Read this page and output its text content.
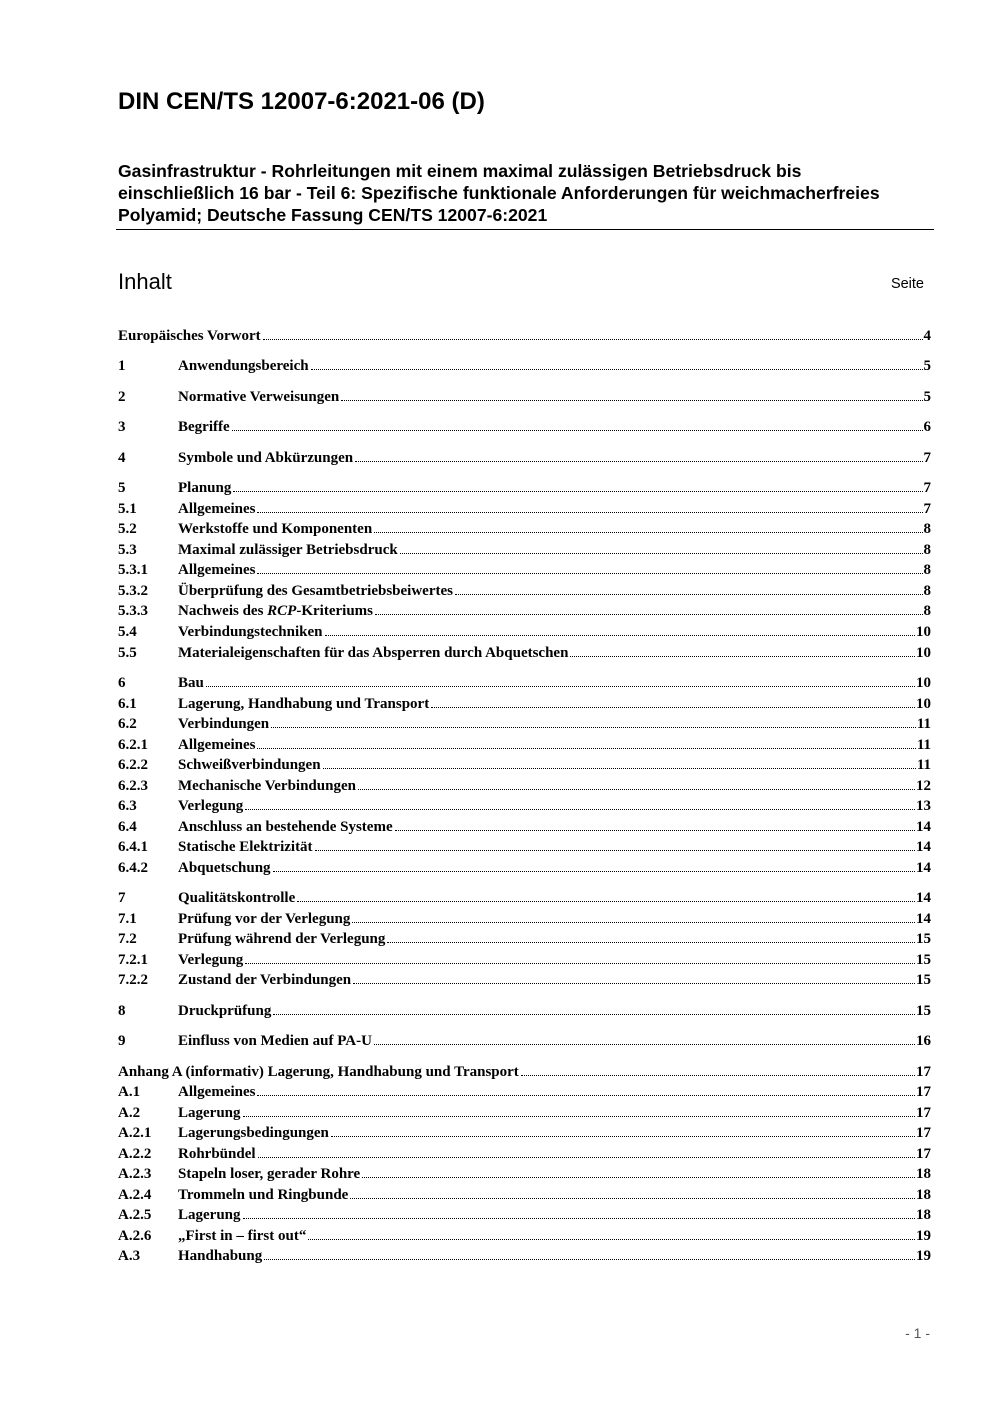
DIN CEN/TS 12007-6:2021-06 (D)
Gasinfrastruktur - Rohrleitungen mit einem maximal zulässigen Betriebsdruck bis einschließlich 16 bar - Teil 6: Spezifische funktionale Anforderungen für weichmacherfreies Polyamid; Deutsche Fassung CEN/TS 12007-6:2021
Inhalt	Seite
Europäisches Vorwort	4
1	Anwendungsbereich	5
2	Normative Verweisungen	5
3	Begriffe	6
4	Symbole und Abkürzungen	7
5	Planung	7
5.1	Allgemeines	7
5.2	Werkstoffe und Komponenten	8
5.3	Maximal zulässiger Betriebsdruck	8
5.3.1	Allgemeines	8
5.3.2	Überprüfung des Gesamtbetriebsbeiwertes	8
5.3.3	Nachweis des RCP-Kriteriums	8
5.4	Verbindungstechniken	10
5.5	Materialeigenschaften für das Absperren durch Abquetschen	10
6	Bau	10
6.1	Lagerung, Handhabung und Transport	10
6.2	Verbindungen	11
6.2.1	Allgemeines	11
6.2.2	Schweißverbindungen	11
6.2.3	Mechanische Verbindungen	12
6.3	Verlegung	13
6.4	Anschluss an bestehende Systeme	14
6.4.1	Statische Elektrizität	14
6.4.2	Abquetschung	14
7	Qualitätskontrolle	14
7.1	Prüfung vor der Verlegung	14
7.2	Prüfung während der Verlegung	15
7.2.1	Verlegung	15
7.2.2	Zustand der Verbindungen	15
8	Druckprüfung	15
9	Einfluss von Medien auf PA-U	16
Anhang A (informativ) Lagerung, Handhabung und Transport	17
A.1	Allgemeines	17
A.2	Lagerung	17
A.2.1	Lagerungsbedingungen	17
A.2.2	Rohrbündel	17
A.2.3	Stapeln loser, gerader Rohre	18
A.2.4	Trommeln und Ringbunde	18
A.2.5	Lagerung	18
A.2.6	„First in – first out“	19
A.3	Handhabung	19
- 1 -
